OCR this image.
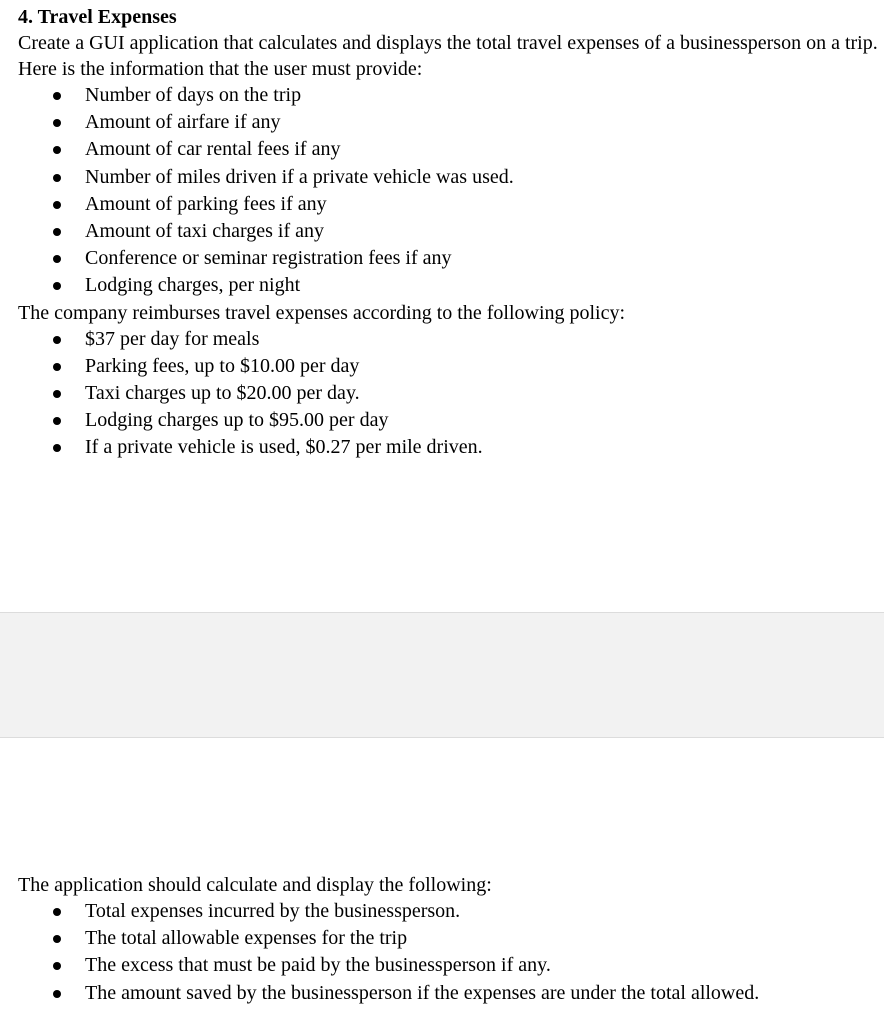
4. Travel Expenses

Create a GUI application that calculates and displays the total travel expenses of a businessperson on a trip. Here is the information that the user must provide:

Number of days on the trip
Amount of airfare if any
Amount of car rental fees if any
Number of miles driven if a private vehicle was used.
Amount of parking fees if any
Amount of taxi charges if any
Conference or seminar registration fees if any
Lodging charges, per night

The company reimburses travel expenses according to the following policy:

$37 per day for meals
Parking fees, up to $10.00 per day
Taxi charges up to $20.00 per day.
Lodging charges up to $95.00 per day
If a private vehicle is used, $0.27 per mile driven.

The application should calculate and display the following:

Total expenses incurred by the businessperson.
The total allowable expenses for the trip
The excess that must be paid by the businessperson if any.
The amount saved by the businessperson if the expenses are under the total allowed.
